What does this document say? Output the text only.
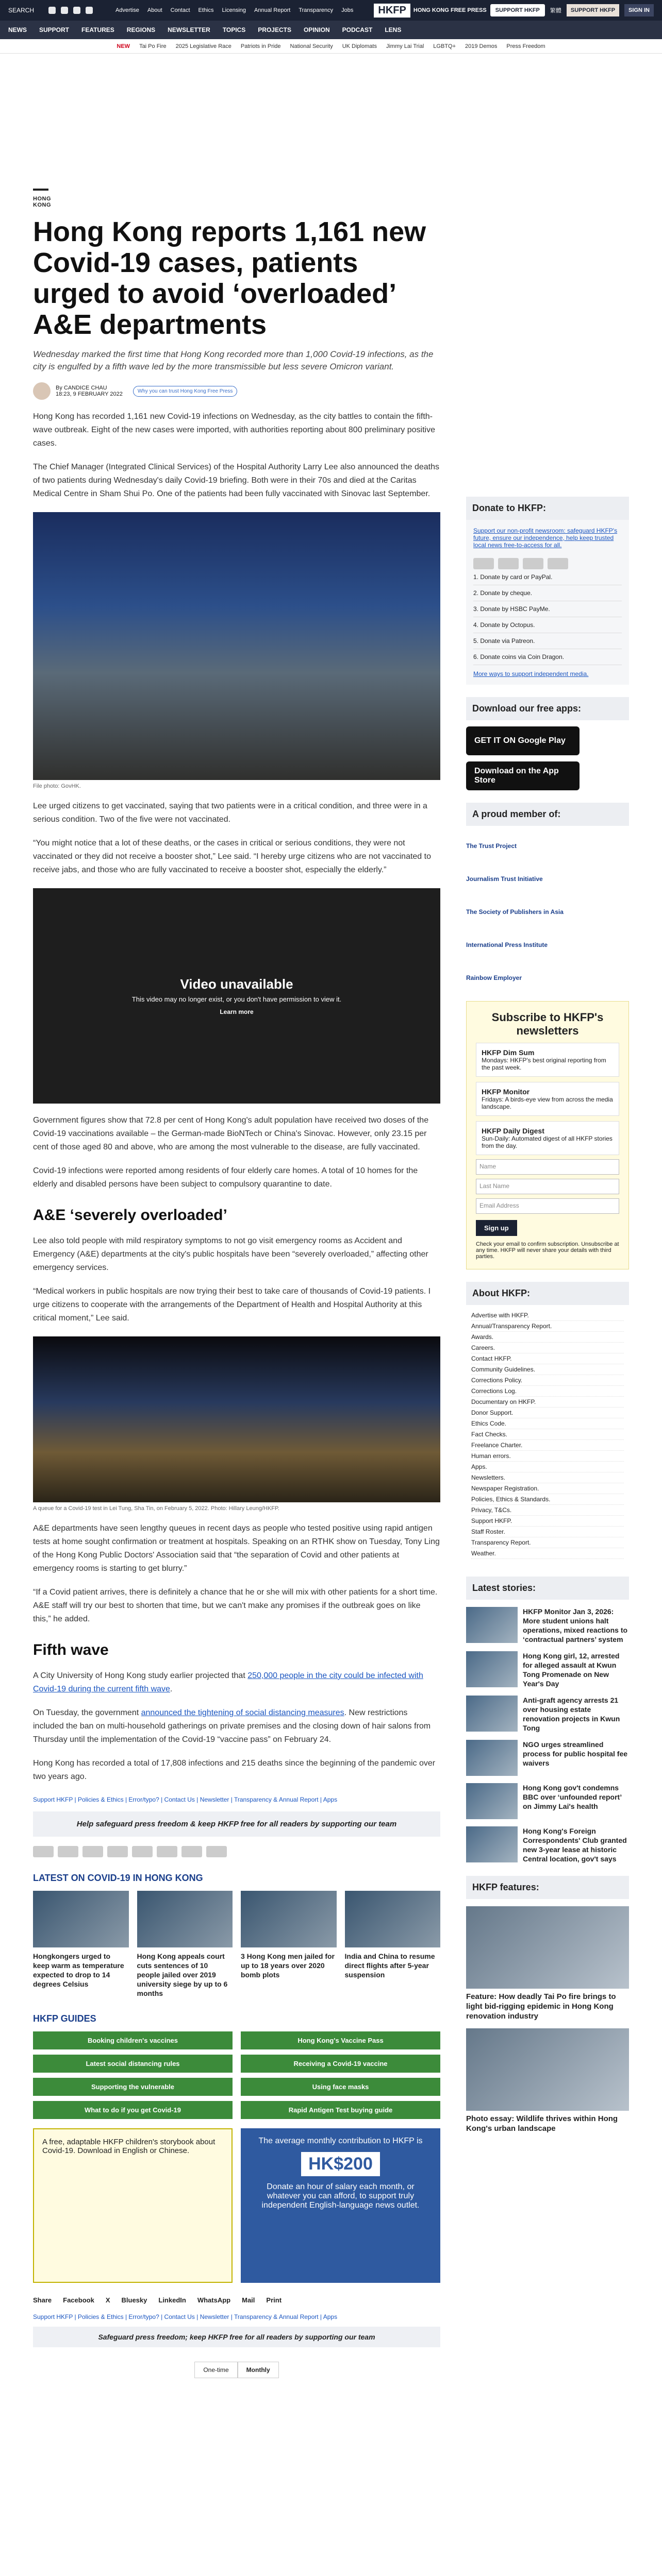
SEARCH	Advertise About Contact Ethics Licensing Annual Report Transparency Jobs	HKFP	HONG KONG FREE PRESS	SUPPORT HKFP	繁體	SUPPORT HKFP	SIGN IN
NEWS SUPPORT FEATURES REGIONS NEWSLETTER TOPICS PROJECTS OPINION PODCAST LENS
NEW Tai Po Fire 2025 Legislative Race Patriots in Pride National Security UK Diplomats Jimmy Lai Trial LGBTQ+ 2019 Demos Press Freedom
HONG KONG
Hong Kong reports 1,161 new Covid-19 cases, patients urged to avoid ‘overloaded’ A&E departments
Wednesday marked the first time that Hong Kong recorded more than 1,000 Covid-19 infections, as the city is engulfed by a fifth wave led by the more transmissible but less severe Omicron variant.
By CANDICE CHAU
18:23, 9 FEBRUARY 2022	Why you can trust Hong Kong Free Press

Hong Kong has recorded 1,161 new Covid-19 infections on Wednesday, as the city battles to contain the fifth-wave outbreak. Eight of the new cases were imported, with authorities reporting about 800 preliminary positive cases.

The Chief Manager (Integrated Clinical Services) of the Hospital Authority Larry Lee also announced the deaths of two patients during Wednesday's daily Covid-19 briefing. Both were in their 70s and died at the Caritas Medical Centre in Sham Shui Po. One of the patients had been fully vaccinated with Sinovac last September.

File photo: GovHK.

Lee urged citizens to get vaccinated, saying that two patients were in a critical condition, and three were in a serious condition. Two of the five were not vaccinated.

“You might notice that a lot of these deaths, or the cases in critical or serious conditions, they were not vaccinated or they did not receive a booster shot,” Lee said. “I hereby urge citizens who are not vaccinated to receive jabs, and those who are fully vaccinated to receive a booster shot, especially the elderly.”

Video unavailable
This video may no longer exist, or you don't have permission to view it.
Learn more

Government figures show that 72.8 per cent of Hong Kong's adult population have received two doses of the Covid-19 vaccinations available – the German-made BioNTech or China's Sinovac. However, only 23.15 per cent of those aged 80 and above, who are among the most vulnerable to the disease, are fully vaccinated.

Covid-19 infections were reported among residents of four elderly care homes. A total of 10 homes for the elderly and disabled persons have been subject to compulsory quarantine to date.

A&E ‘severely overloaded’

Lee also told people with mild respiratory symptoms to not go visit emergency rooms as Accident and Emergency (A&E) departments at the city's public hospitals have been “severely overloaded,” affecting other emergency services.

“Medical workers in public hospitals are now trying their best to take care of thousands of Covid-19 patients. I urge citizens to cooperate with the arrangements of the Department of Health and Hospital Authority at this critical moment,” Lee said.

A queue for a Covid-19 test in Lei Tung, Sha Tin, on February 5, 2022. Photo: Hillary Leung/HKFP.

A&E departments have seen lengthy queues in recent days as people who tested positive using rapid antigen tests at home sought confirmation or treatment at hospitals. Speaking on an RTHK show on Tuesday, Tony Ling of the Hong Kong Public Doctors' Association said that “the separation of Covid and other patients at emergency rooms is starting to get blurry.”

“If a Covid patient arrives, there is definitely a chance that he or she will mix with other patients for a short time. A&E staff will try our best to shorten that time, but we can't make any promises if the outbreak goes on like this,” he added.

Fifth wave

A City University of Hong Kong study earlier projected that 250,000 people in the city could be infected with Covid-19 during the current fifth wave.

On Tuesday, the government announced the tightening of social distancing measures. New restrictions included the ban on multi-household gatherings on private premises and the closing down of hair salons from Thursday until the implementation of the Covid-19 “vaccine pass” on February 24.

Hong Kong has recorded a total of 17,808 infections and 215 deaths since the beginning of the pandemic over two years ago.

Support HKFP | Policies & Ethics | Error/typo? | Contact Us | Newsletter | Transparency & Annual Report | Apps
Help safeguard press freedom & keep HKFP free for all readers by supporting our team
LATEST ON COVID-19 IN HONG KONG
Hongkongers urged to keep warm as temperature expected to drop to 14 degrees Celsius
Hong Kong appeals court cuts sentences of 10 people jailed over 2019 university siege by up to 6 months
3 Hong Kong men jailed for up to 18 years over 2020 bomb plots
India and China to resume direct flights after 5-year suspension
HKFP GUIDES
Booking children's vaccines	Hong Kong's Vaccine Pass
Latest social distancing rules	Receiving a Covid-19 vaccine
Supporting the vulnerable	Using face masks
What to do if you get Covid-19	Rapid Antigen Test buying guide
A free, adaptable HKFP children's storybook about Covid-19. Download in English or Chinese.
The average monthly contribution to HKFP is
HK$200
Donate an hour of salary each month, or whatever you can afford, to support truly independent English-language news outlet.
Share Facebook X Bluesky LinkedIn WhatsApp Mail Print
Support HKFP | Policies & Ethics | Error/typo? | Contact Us | Newsletter | Transparency & Annual Report | Apps
Safeguard press freedom; keep HKFP free for all readers by supporting our team
One-time	Monthly
Donate to HKFP:
Support our non-profit newsroom: safeguard HKFP's future, ensure our independence, help keep trusted local news free-to-access for all.
1. Donate by card or PayPal.
2. Donate by cheque.
3. Donate by HSBC PayMe.
4. Donate by Octopus.
5. Donate via Patreon.
6. Donate coins via Coin Dragon.
More ways to support independent media.
Download our free apps:
GET IT ON Google Play
Download on the App Store
A proud member of:
The Trust Project
Journalism Trust Initiative
The Society of Publishers in Asia
International Press Institute
Rainbow Employer
Subscribe to HKFP's newsletters
HKFP Dim Sum
Mondays: HKFP's best original reporting from the past week.
HKFP Monitor
Fridays: A birds-eye view from across the media landscape.
HKFP Daily Digest
Sun-Daily: Automated digest of all HKFP stories from the day.
Name
Last Name
Email Address
Sign up
Check your email to confirm subscription. Unsubscribe at any time. HKFP will never share your details with third parties.
About HKFP:
Advertise with HKFP.
Annual/Transparency Report.
Awards.
Careers.
Contact HKFP.
Community Guidelines.
Corrections Policy.
Corrections Log.
Documentary on HKFP.
Donor Support.
Ethics Code.
Fact Checks.
Freelance Charter.
Human errors.
Apps.
Newsletters.
Newspaper Registration.
Policies, Ethics & Standards.
Privacy, T&Cs.
Support HKFP.
Staff Roster.
Transparency Report.
Weather.
Latest stories:
HKFP Monitor Jan 3, 2026: More student unions halt operations, mixed reactions to ‘contractual partners’ system
Hong Kong girl, 12, arrested for alleged assault at Kwun Tong Promenade on New Year's Day
Anti-graft agency arrests 21 over housing estate renovation projects in Kwun Tong
NGO urges streamlined process for public hospital fee waivers
Hong Kong gov't condemns BBC over ‘unfounded report’ on Jimmy Lai's health
Hong Kong's Foreign Correspondents' Club granted new 3-year lease at historic Central location, gov't says
HKFP features:
Feature: How deadly Tai Po fire brings to light bid-rigging epidemic in Hong Kong renovation industry
Photo essay: Wildlife thrives within Hong Kong's urban landscape
